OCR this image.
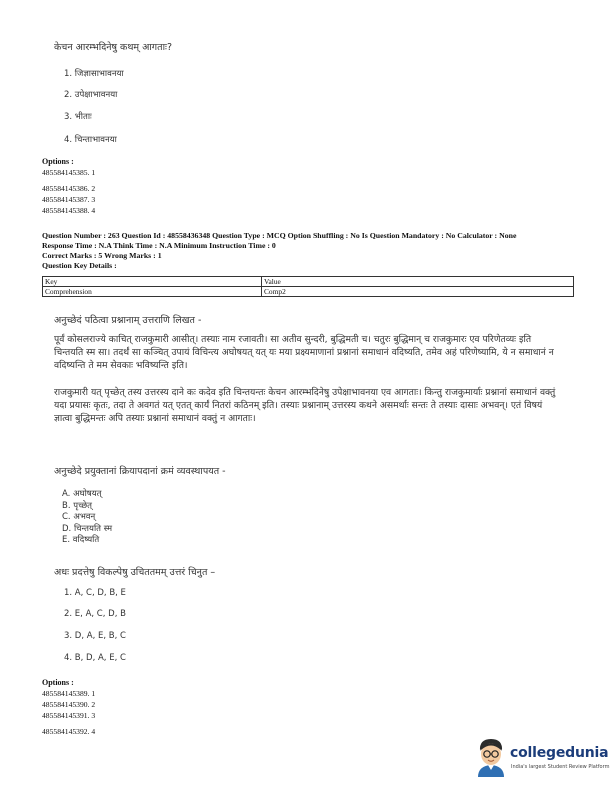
केचन आरम्भदिनेषु कथम् आगताः?
1. जिज्ञासाभावनया
2. उपेक्षाभावनया
3. भीताः
4. चिन्ताभावनया
Options :
485584145385. 1
485584145386. 2
485584145387. 3
485584145388. 4
Question Number : 263 Question Id : 48558436348 Question Type : MCQ Option Shuffling : No Is Question Mandatory : No Calculator : None
Response Time : N.A Think Time : N.A Minimum Instruction Time : 0
Correct Marks : 5 Wrong Marks : 1
Question Key Details :
Key	Value
Comprehension	Comp2
अनुच्छेदं पठित्वा प्रश्नानाम् उत्तराणि लिखत -
पूर्वं कोसलराज्ये काचित् राजकुमारी आसीत्। तस्याः नाम रजावती। सा अतीव सुन्दरी, बुद्धिमती च। चतुरः बुद्धिमान् च राजकुमारः एव परिणेतव्यः इति चिन्तयति स्म सा। तदर्थं सा कञ्चित् उपायं विचिन्त्य अघोषयत् यत् यः मया प्रक्ष्यमाणानां प्रश्नानां समाधानं वदिष्यति, तमेव अहं परिणेष्यामि, ये न समाधानं न वदिष्यन्ति ते मम सेवकाः भविष्यन्ति इति।
राजकुमारी यत् पृच्छेत् तस्य उत्तरस्य दाने कः कदेव इति चिन्तयन्तः केचन आरम्भदिनेषु उपेक्षाभावनया एव आगताः। किन्तु राजकुमार्याः प्रश्नानां समाधानं वक्तुं यदा प्रयासः कृतः, तदा ते अवगतं यत् एतत् कार्यं नितरां कठिनम् इति। तस्याः प्रश्नानाम् उत्तरस्य कथने असमर्थाः सन्तः ते तस्याः दासाः अभवन्। एतं विषयं ज्ञात्वा बुद्धिमन्तः अपि तस्याः प्रश्नानां समाधानं वक्तुं न आगताः।
अनुच्छेदे प्रयुक्तानां क्रियापदानां क्रमं व्यवस्थापयत -
A. अघोषयत्
B. पृच्छेत्
C. अभवन्
D. चिन्तयति स्म
E. वदिष्यति
अधः प्रदत्तेषु विकल्पेषु उचिततमम् उत्तरं चिनुत –
1. A, C, D, B, E
2. E, A, C, D, B
3. D, A, E, B, C
4. B, D, A, E, C
Options :
485584145389. 1
485584145390. 2
485584145391. 3
485584145392. 4
collegedunia
India's largest Student Review Platform
